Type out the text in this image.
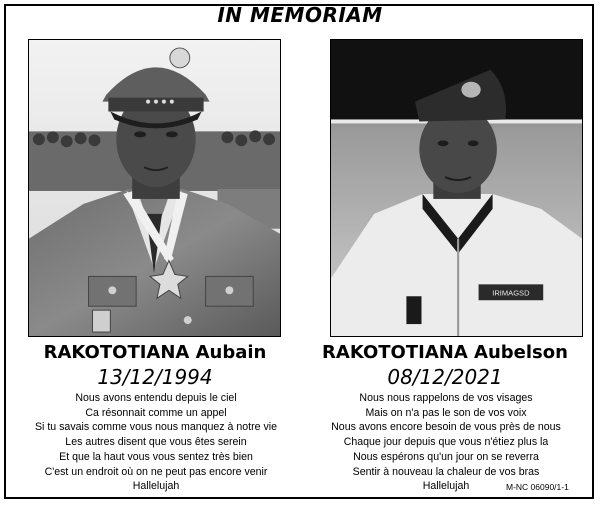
IN MEMORIAM
IRIMAGSD
RAKOTOTIANA Aubain	RAKOTOTIANA Aubelson
13/12/1994	08/12/2021
Nous avons entendu depuis le ciel
Ca résonnait comme un appel
Si tu savais comme vous nous manquez à notre vie
Les autres disent que vous êtes serein
Et que la haut vous vous sentez très bien
C'est un endroit où on ne peut pas encore venir
Hallelujah
Nous nous rappelons de vos visages
Mais on n'a pas le son de vos voix
Nous avons encore besoin de vous près de nous
Chaque jour depuis que vous n'étiez plus la
Nous espérons qu'un jour on se reverra
Sentir à nouveau la chaleur de vos bras
Hallelujah	M-NC 06090/1-1
